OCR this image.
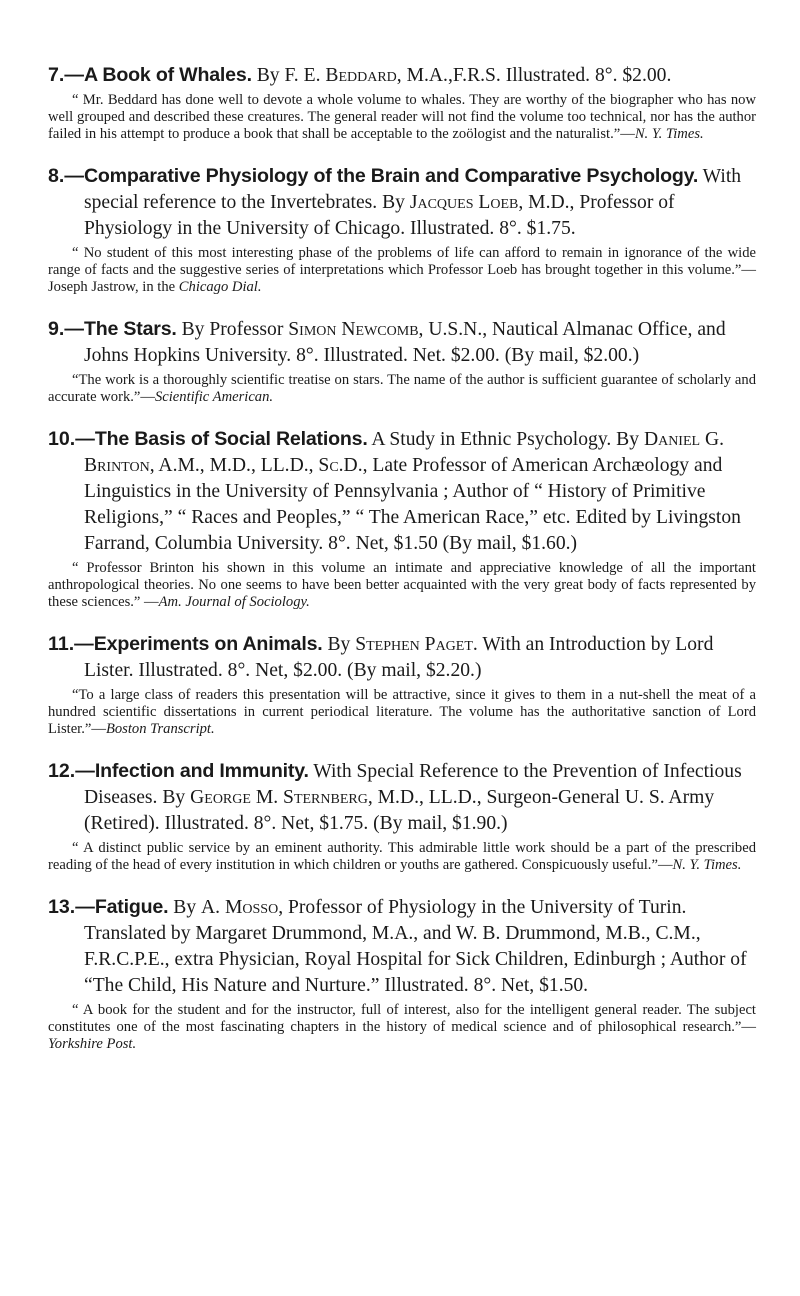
7.—A Book of Whales. By F. E. Beddard, M.A.,F.R.S. Illustrated. 8°. $2.00.

“ Mr. Beddard has done well to devote a whole volume to whales. They are worthy of the biographer who has now well grouped and described these creatures. The general reader will not find the volume too technical, nor has the author failed in his attempt to produce a book that shall be acceptable to the zoölogist and the naturalist.”—N. Y. Times.

8.—Comparative Physiology of the Brain and Comparative Psychology. With special reference to the Invertebrates. By Jacques Loeb, M.D., Professor of Physiology in the University of Chicago. Illustrated. 8°. $1.75.

“ No student of this most interesting phase of the problems of life can afford to remain in ignorance of the wide range of facts and the suggestive series of interpretations which Professor Loeb has brought together in this volume.”—Joseph Jastrow, in the Chicago Dial.

9.—The Stars. By Professor Simon Newcomb, U.S.N., Nautical Almanac Office, and Johns Hopkins University. 8°. Illustrated. Net. $2.00. (By mail, $2.00.)

“The work is a thoroughly scientific treatise on stars. The name of the author is sufficient guarantee of scholarly and accurate work.”—Scientific American.

10.—The Basis of Social Relations. A Study in Ethnic Psychology. By Daniel G. Brinton, A.M., M.D., LL.D., Sc.D., Late Professor of American Archæology and Linguistics in the University of Pennsylvania ; Author of “ History of Primitive Religions,” “ Races and Peoples,” “ The American Race,” etc. Edited by Livingston Farrand, Columbia University. 8°. Net, $1.50 (By mail, $1.60.)

“ Professor Brinton his shown in this volume an intimate and appreciative knowledge of all the important anthropological theories. No one seems to have been better acquainted with the very great body of facts represented by these sciences.” —Am. Journal of Sociology.

11.—Experiments on Animals. By Stephen Paget. With an Introduction by Lord Lister. Illustrated. 8°. Net, $2.00. (By mail, $2.20.)

“To a large class of readers this presentation will be attractive, since it gives to them in a nut-shell the meat of a hundred scientific dissertations in current periodical literature. The volume has the authoritative sanction of Lord Lister.”—Boston Transcript.

12.—Infection and Immunity. With Special Reference to the Prevention of Infectious Diseases. By George M. Sternberg, M.D., LL.D., Surgeon-General U. S. Army (Retired). Illustrated. 8°. Net, $1.75. (By mail, $1.90.)

“ A distinct public service by an eminent authority. This admirable little work should be a part of the prescribed reading of the head of every institution in which children or youths are gathered. Conspicuously useful.”—N. Y. Times.

13.—Fatigue. By A. Mosso, Professor of Physiology in the University of Turin. Translated by Margaret Drummond, M.A., and W. B. Drummond, M.B., C.M., F.R.C.P.E., extra Physician, Royal Hospital for Sick Children, Edinburgh ; Author of “The Child, His Nature and Nurture.” Illustrated. 8°. Net, $1.50.

“ A book for the student and for the instructor, full of interest, also for the intelligent general reader. The subject constitutes one of the most fascinating chapters in the history of medical science and of philosophical research.”—Yorkshire Post.
